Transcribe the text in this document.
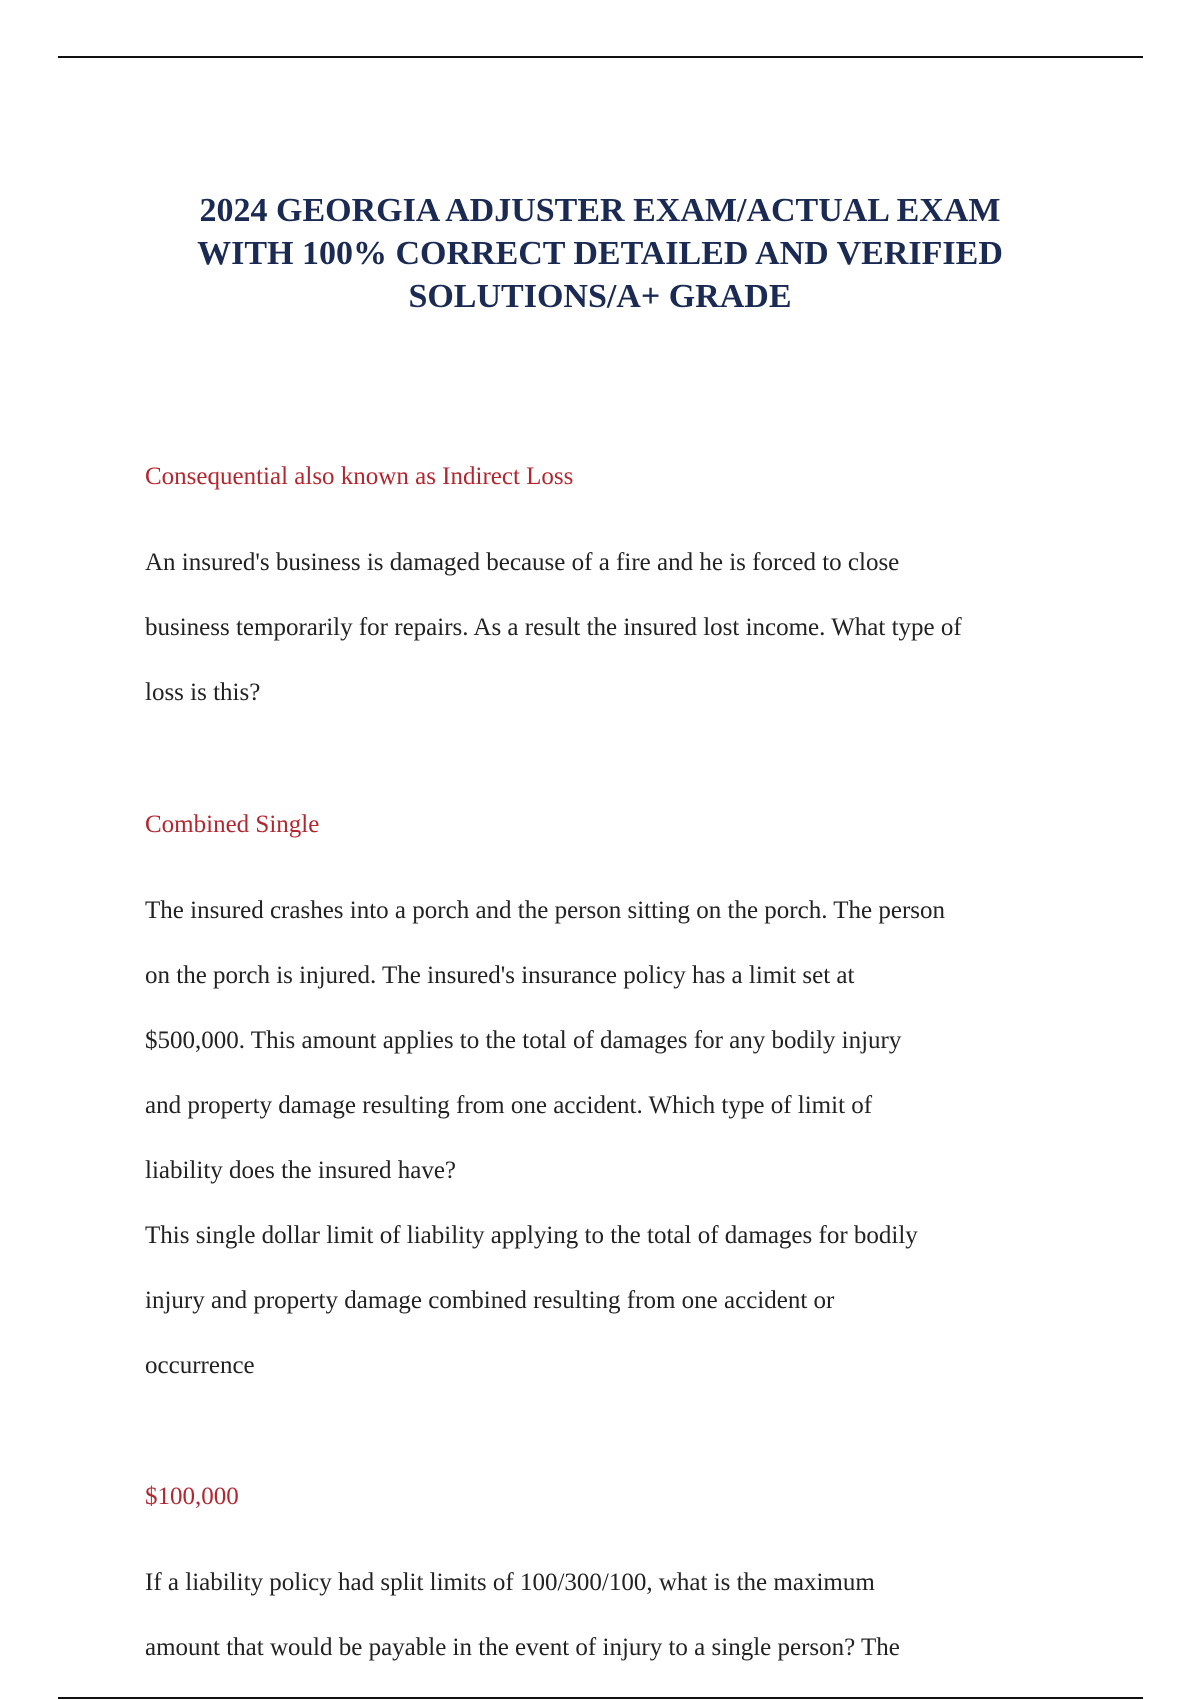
2024 GEORGIA ADJUSTER EXAM/ACTUAL EXAM
WITH 100% CORRECT DETAILED AND VERIFIED
SOLUTIONS/A+ GRADE
Consequential also known as Indirect Loss
An insured's business is damaged because of a fire and he is forced to close
business temporarily for repairs. As a result the insured lost income. What type of
loss is this?
Combined Single
The insured crashes into a porch and the person sitting on the porch. The person
on the porch is injured. The insured's insurance policy has a limit set at
$500,000. This amount applies to the total of damages for any bodily injury
and property damage resulting from one accident. Which type of limit of
liability does the insured have?
This single dollar limit of liability applying to the total of damages for bodily
injury and property damage combined resulting from one accident or
occurrence
$100,000
If a liability policy had split limits of 100/300/100, what is the maximum
amount that would be payable in the event of injury to a single person? The
